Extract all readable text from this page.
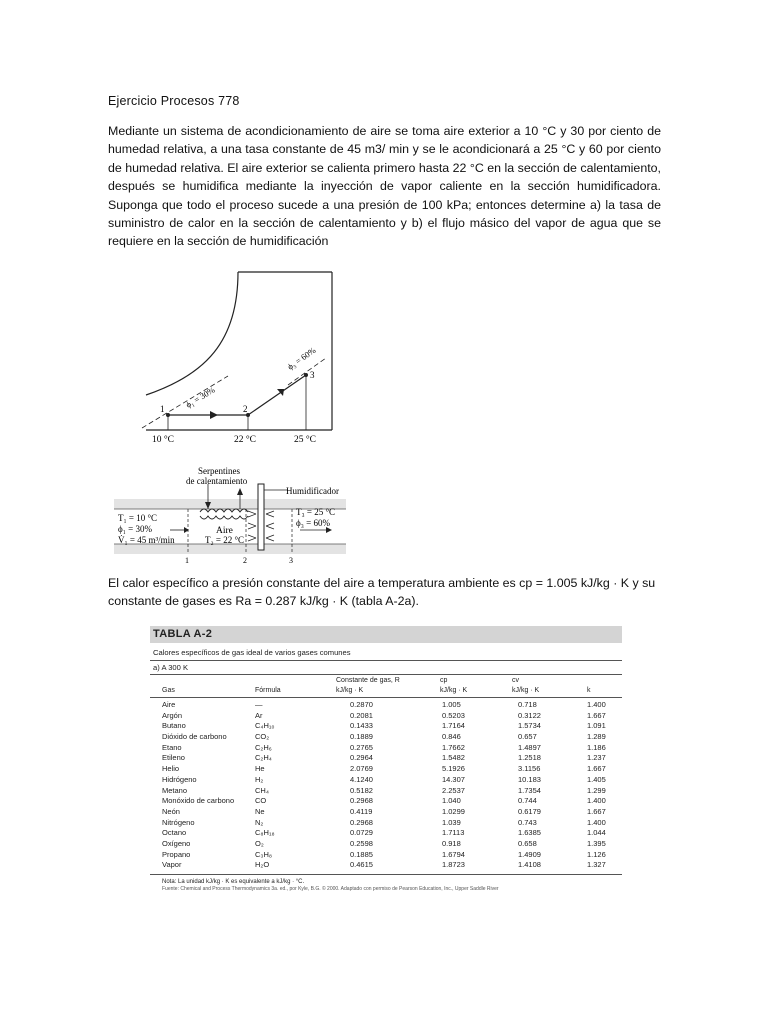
Ejercicio Procesos 778
Mediante un sistema de acondicionamiento de aire se toma aire exterior a 10 °C y 30 por ciento de humedad relativa, a una tasa constante de 45 m3/ min y se le acondicionará a 25 °C y 60 por ciento de humedad relativa. El aire exterior se calienta primero hasta 22 °C en la sección de calentamiento, después se humidifica mediante la inyección de vapor caliente en la sección humidificadora. Suponga que todo el proceso sucede a una presión de 100 kPa; entonces determine a) la tasa de suministro de calor en la sección de calentamiento y b) el flujo másico del vapor de agua que se requiere en la sección de humidificación
1	2
3
ϕ₁ = 30%
ϕ₃ = 60%
10 °C	22 °C	25 °C
Serpentines
de calentamiento
Humidificador
T₁ = 10 °C
ϕ₁ = 30%
V̇₁ = 45 m³/min
Aire
T₂ = 22 °C
T₃ = 25 °C
ϕ₃ = 60%
1	2	3
El calor específico a presión constante del aire a temperatura ambiente es cp = 1.005 kJ/kg · K y su constante de gases es Ra = 0.287 kJ/kg · K (tabla A-2a).
TABLA A-2
Calores específicos de gas ideal de varios gases comunes
a) A 300 K
Gas	Fórmula
Constante de gas, R
kJ/kg · K
cp
kJ/kg · K
cv
kJ/kg · K	k
Aire	—	0.2870	1.005	0.718	1.400
Argón	Ar	0.2081	0.5203	0.3122	1.667
Butano	C₄H₁₀	0.1433	1.7164	1.5734	1.091
Dióxido de carbono	CO₂	0.1889	0.846	0.657	1.289
Etano	C₂H₆	0.2765	1.7662	1.4897	1.186
Etileno	C₂H₄	0.2964	1.5482	1.2518	1.237
Helio	He	2.0769	5.1926	3.1156	1.667
Hidrógeno	H₂	4.1240	14.307	10.183	1.405
Metano	CH₄	0.5182	2.2537	1.7354	1.299
Monóxido de carbono	CO	0.2968	1.040	0.744	1.400
Neón	Ne	0.4119	1.0299	0.6179	1.667
Nitrógeno	N₂	0.2968	1.039	0.743	1.400
Octano	C₈H₁₈	0.0729	1.7113	1.6385	1.044
Oxígeno	O₂	0.2598	0.918	0.658	1.395
Propano	C₃H₈	0.1885	1.6794	1.4909	1.126
Vapor	H₂O	0.4615	1.8723	1.4108	1.327
Nota: La unidad kJ/kg · K es equivalente a kJ/kg · °C.
Fuente: Chemical and Process Thermodynamics 3a. ed., por Kyle, B.G. © 2000. Adaptado con permiso de Pearson Education, Inc., Upper Saddle River
